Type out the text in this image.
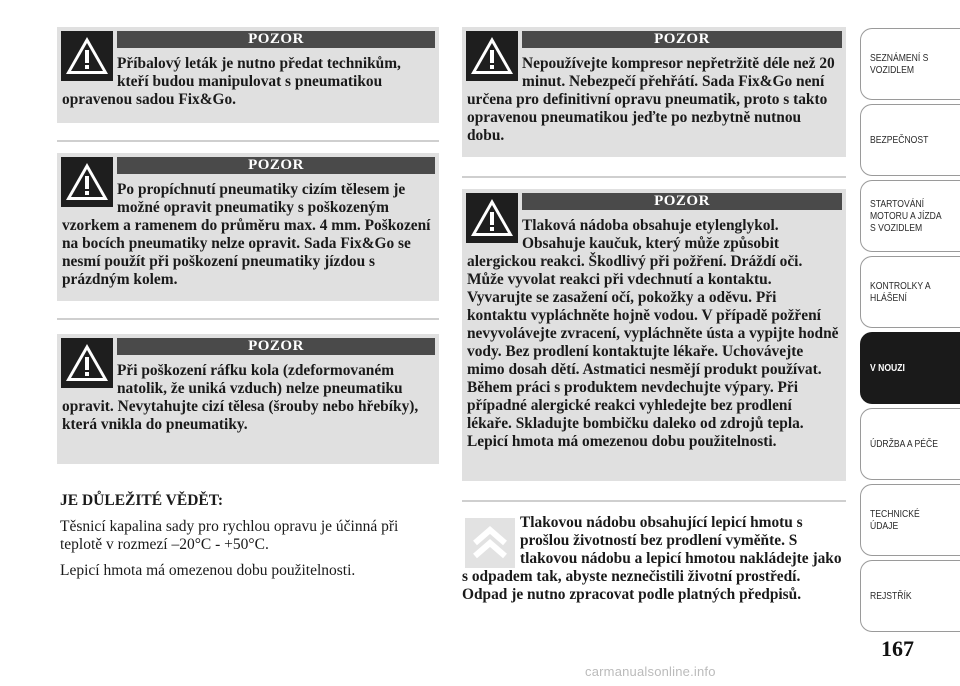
POZOR

Příbalový leták je nutno předat technikům, kteří budou manipulovat s pneumatikou opravenou sadou Fix&Go.

POZOR

Po propíchnutí pneumatiky cizím tělesem je možné opravit pneumatiky s poškozeným vzorkem a ramenem do průměru max. 4 mm. Poškození na bocích pneumatiky nelze opravit. Sada Fix&Go se nesmí použít při poškození pneumatiky jízdou s prázdným kolem.

POZOR

Při poškození ráfku kola (zdeformovaném natolik, že uniká vzduch) nelze pneumatiku opravit. Nevytahujte cizí tělesa (šrouby nebo hřebíky), která vnikla do pneumatiky.

JE DŮLEŽITÉ VĚDĚT:

Těsnicí kapalina sady pro rychlou opravu je účinná při teplotě v rozmezí –20°C - +50°C.

Lepicí hmota má omezenou dobu použitelnosti.

POZOR

Nepoužívejte kompresor nepřetržitě déle než 20 minut. Nebezpečí přehřátí. Sada Fix&Go není určena pro definitivní opravu pneumatik, proto s takto opravenou pneumatikou jeďte po nezbytně nutnou dobu.

POZOR

Tlaková nádoba obsahuje etylenglykol. Obsahuje kaučuk, který může způsobit alergickou reakci. Škodlivý při požření. Dráždí oči. Může vyvolat reakci při vdechnutí a kontaktu. Vyvarujte se zasažení očí, pokožky a oděvu. Při kontaktu vypláchněte hojně vodou. V případě požření nevyvolávejte zvracení, vypláchněte ústa a vypijte hodně vody. Bez prodlení kontaktujte lékaře. Uchovávejte mimo dosah dětí. Astmatici nesmějí produkt používat. Během práci s produktem nevdechujte výpary. Při případné alergické reakci vyhledejte bez prodlení lékaře. Skladujte bombičku daleko od zdrojů tepla. Lepicí hmota má omezenou dobu použitelnosti.

Tlakovou nádobu obsahující lepicí hmotu s prošlou životností bez prodlení vyměňte. S tlakovou nádobu a lepicí hmotou nakládejte jako s odpadem tak, abyste neznečistili životní prostředí. Odpad je nutno zpracovat podle platných předpisů.

SEZNÁMENÍ S
VOZIDLEM
BEZPEČNOST
STARTOVÁNÍ
MOTORU A JÍZDA
S VOZIDLEM
KONTROLKY A
HLÁŠENÍ
V NOUZI
ÚDRŽBA A PÉČE
TECHNICKÉ
ÚDAJE
REJSTŘÍK
167
carmanualsonline.info
